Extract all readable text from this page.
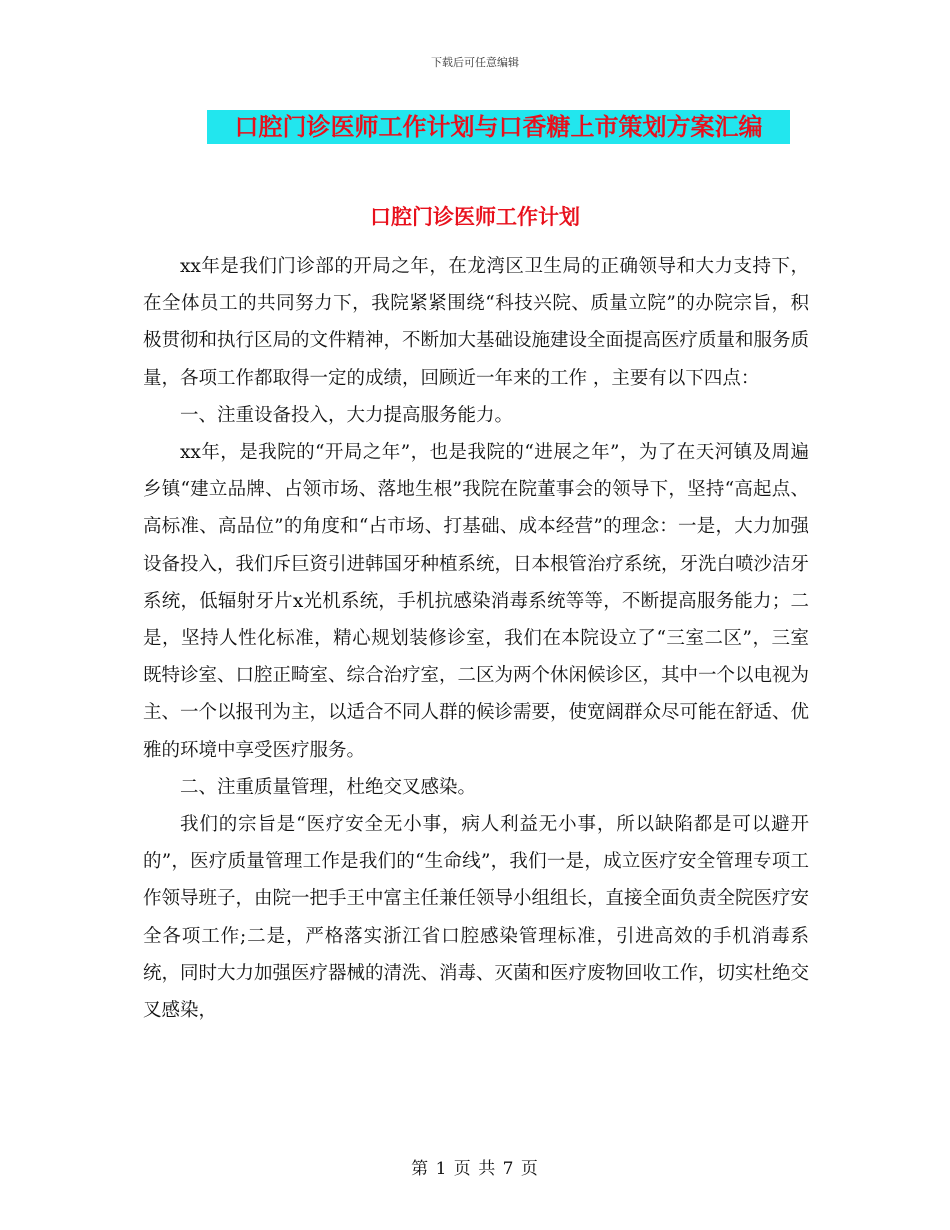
下载后可任意编辑
口腔门诊医师工作计划与口香糖上市策划方案汇编
口腔门诊医师工作计划

xx年是我们门诊部的开局之年，在龙湾区卫生局的正确领导和大力支持下，在全体员工的共同努力下，我院紧紧围绕“科技兴院、质量立院”的办院宗旨，积极贯彻和执行区局的文件精神，不断加大基础设施建设全面提高医疗质量和服务质量，各项工作都取得一定的成绩，回顾近一年来的工作 ，主要有以下四点：

一、注重设备投入，大力提高服务能力。

xx年，是我院的“开局之年”，也是我院的“进展之年”，为了在天河镇及周遍乡镇“建立品牌、占领市场、落地生根”我院在院董事会的领导下，坚持“高起点、高标准、高品位”的角度和“占市场、打基础、成本经营”的理念：一是，大力加强设备投入，我们斥巨资引进韩国牙种植系统，日本根管治疗系统，牙洗白喷沙洁牙系统，低辐射牙片x光机系统，手机抗感染消毒系统等等，不断提高服务能力；二是，坚持人性化标准，精心规划装修诊室，我们在本院设立了“三室二区”，三室既特诊室、口腔正畸室、综合治疗室，二区为两个休闲候诊区，其中一个以电视为主、一个以报刊为主，以适合不同人群的候诊需要，使宽阔群众尽可能在舒适、优雅的环境中享受医疗服务。

二、注重质量管理，杜绝交叉感染。

我们的宗旨是“医疗安全无小事，病人利益无小事，所以缺陷都是可以避开的”，医疗质量管理工作是我们的“生命线”，我们一是，成立医疗安全管理专项工作领导班子，由院一把手王中富主任兼任领导小组组长，直接全面负责全院医疗安全各项工作;二是，严格落实浙江省口腔感染管理标准，引进高效的手机消毒系统，同时大力加强医疗器械的清洗、消毒、灭菌和医疗废物回收工作，切实杜绝交叉感染，

第 1 页 共 7 页
